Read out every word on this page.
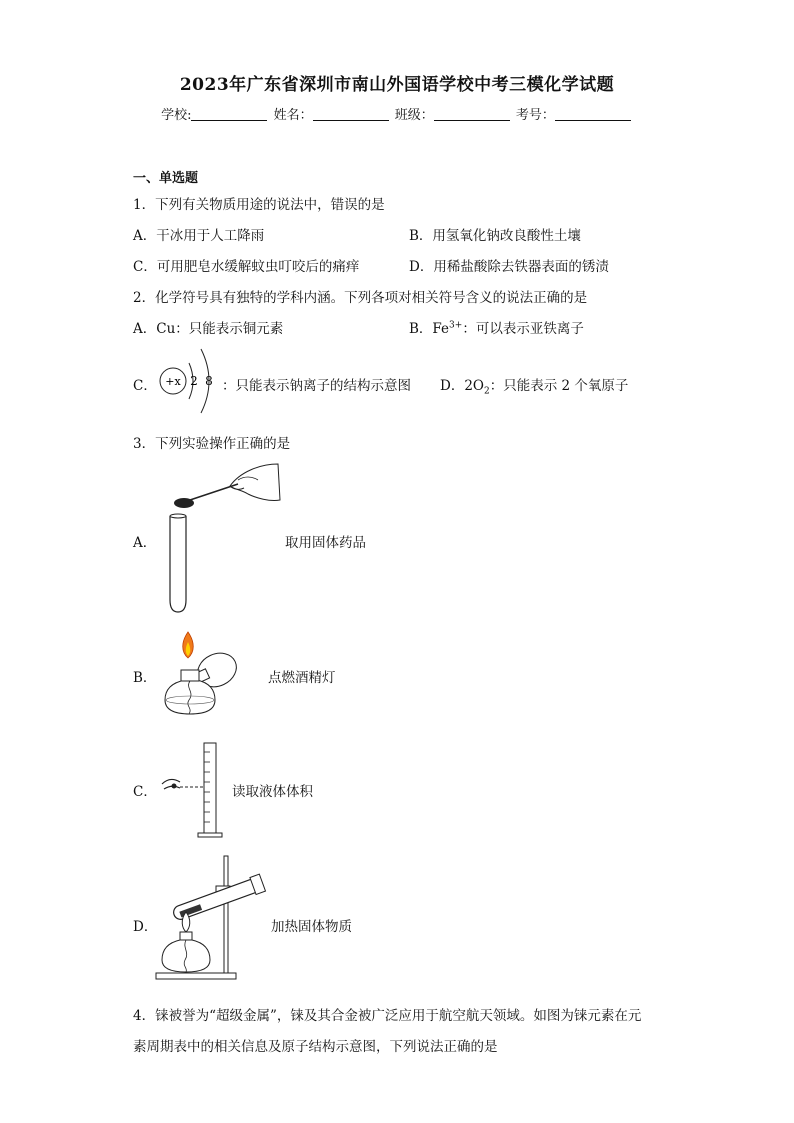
2023年广东省深圳市南山外国语学校中考三模化学试题
学校:	姓名：	班级：	考号：
一、单选题
1．下列有关物质用途的说法中，错误的是
A．干冰用于人工降雨	B．用氢氧化钠改良酸性土壤
C．可用肥皂水缓解蚊虫叮咬后的痛痒	D．用稀盐酸除去铁器表面的锈渍
2．化学符号具有独特的学科内涵。下列各项对相关符号含义的说法正确的是
A．Cu：只能表示铜元素	B．$Fe^{3+}$：可以表示亚铁离子
C． +x 2 8 ：只能表示钠离子的结构示意图 D．$2O_2$：只能表示 2 个氧原子
3．下列实验操作正确的是
A．	取用固体药品
B．	点燃酒精灯
C．	读取液体体积
D．	加热固体物质
4．铼被誉为“超级金属”，铼及其合金被广泛应用于航空航天领域。如图为铼元素在元
素周期表中的相关信息及原子结构示意图，下列说法正确的是
